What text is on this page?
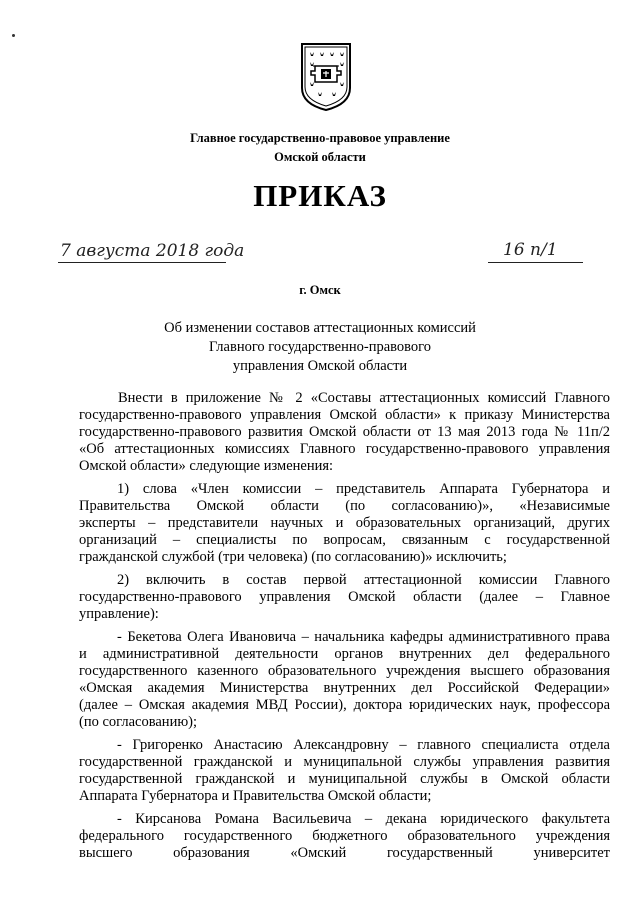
Главное государственно-правовое управление
Омской области
ПРИКАЗ
7 августа 2018 года	16 п/1
г. Омск
Об изменении составов аттестационных комиссий
Главного государственно-правового
управления Омской области
Внести в приложение № 2 «Составы аттестационных комиссий Главного
государственно-правового управления Омской области» к приказу Министерства
государственно-правового развития Омской области от 13 мая 2013 года № 11п/2
«Об аттестационных комиссиях Главного государственно-правового управления
Омской области» следующие изменения:
1) слова «Член комиссии – представитель Аппарата Губернатора и
Правительства Омской области (по согласованию)», «Независимые
эксперты – представители научных и образовательных организаций, других
организаций – специалисты по вопросам, связанным с государственной
гражданской службой (три человека) (по согласованию)» исключить;
2) включить в состав первой аттестационной комиссии Главного
государственно-правового управления Омской области (далее – Главное
управление):
- Бекетова Олега Ивановича – начальника кафедры административного права
и административной деятельности органов внутренних дел федерального
государственного казенного образовательного учреждения высшего образования
«Омская академия Министерства внутренних дел Российской Федерации»
(далее – Омская академия МВД России), доктора юридических наук, профессора
(по согласованию);
- Григоренко Анастасию Александровну – главного специалиста отдела
государственной гражданской и муниципальной службы управления развития
государственной гражданской и муниципальной службы в Омской области
Аппарата Губернатора и Правительства Омской области;
- Кирсанова Романа Васильевича – декана юридического факультета
федерального государственного бюджетного образовательного учреждения
высшего образования «Омский государственный университет
